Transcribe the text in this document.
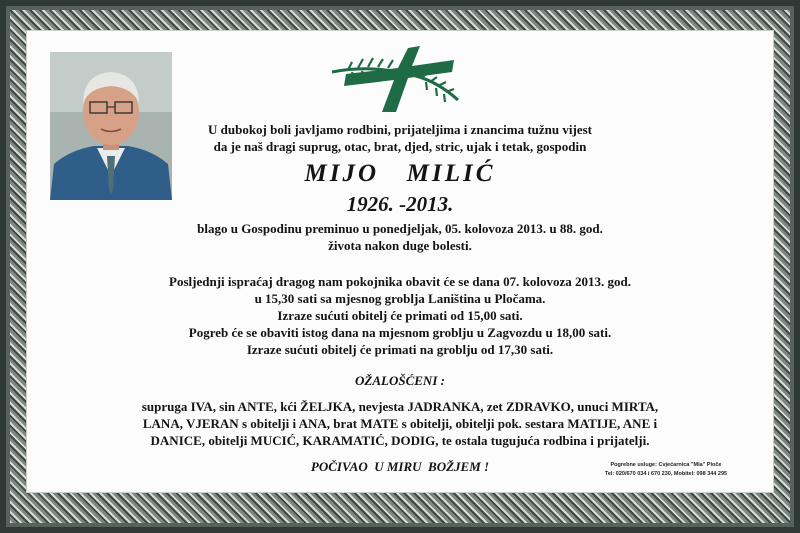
U dubokoj boli javljamo rodbini, prijateljima i znancima tužnu vijest
da je naš dragi suprug, otac, brat, djed, stric, ujak i tetak, gospodin
MIJO   MILIĆ
1926. -2013.
blago u Gospodinu preminuo u ponedjeljak, 05. kolovoza 2013. u 88. god.
života nakon duge bolesti.
Posljednji ispraćaj dragog nam pokojnika obavit će se dana 07. kolovoza 2013. god.
u 15,30 sati sa mjesnog groblja Laniština u Pločama.
Izraze sućuti obitelj će primati od 15,00 sati.
Pogreb će se obaviti istog dana na mjesnom groblju u Zagvozdu u 18,00 sati.
Izraze sućuti obitelj će primati na groblju od 17,30 sati.
OŽALOŠĆENI :
supruga IVA, sin ANTE, kći ŽELJKA, nevjesta JADRANKA, zet ZDRAVKO, unuci MIRTA,
LANA, VJERAN s obitelji i ANA, brat MATE s obitelji, obitelji pok. sestara MATIJE, ANE i
DANICE, obitelji MUCIĆ, KARAMATIĆ, DODIG, te ostala tugujuća rodbina i prijatelji.
POČIVAO  U MIRU  BOŽJEM !	Pogrebne usluge: Cvjećarnica "Mia" Ploče
Tel: 020/670 034 i 670 230, Mobitel: 098 344 295
